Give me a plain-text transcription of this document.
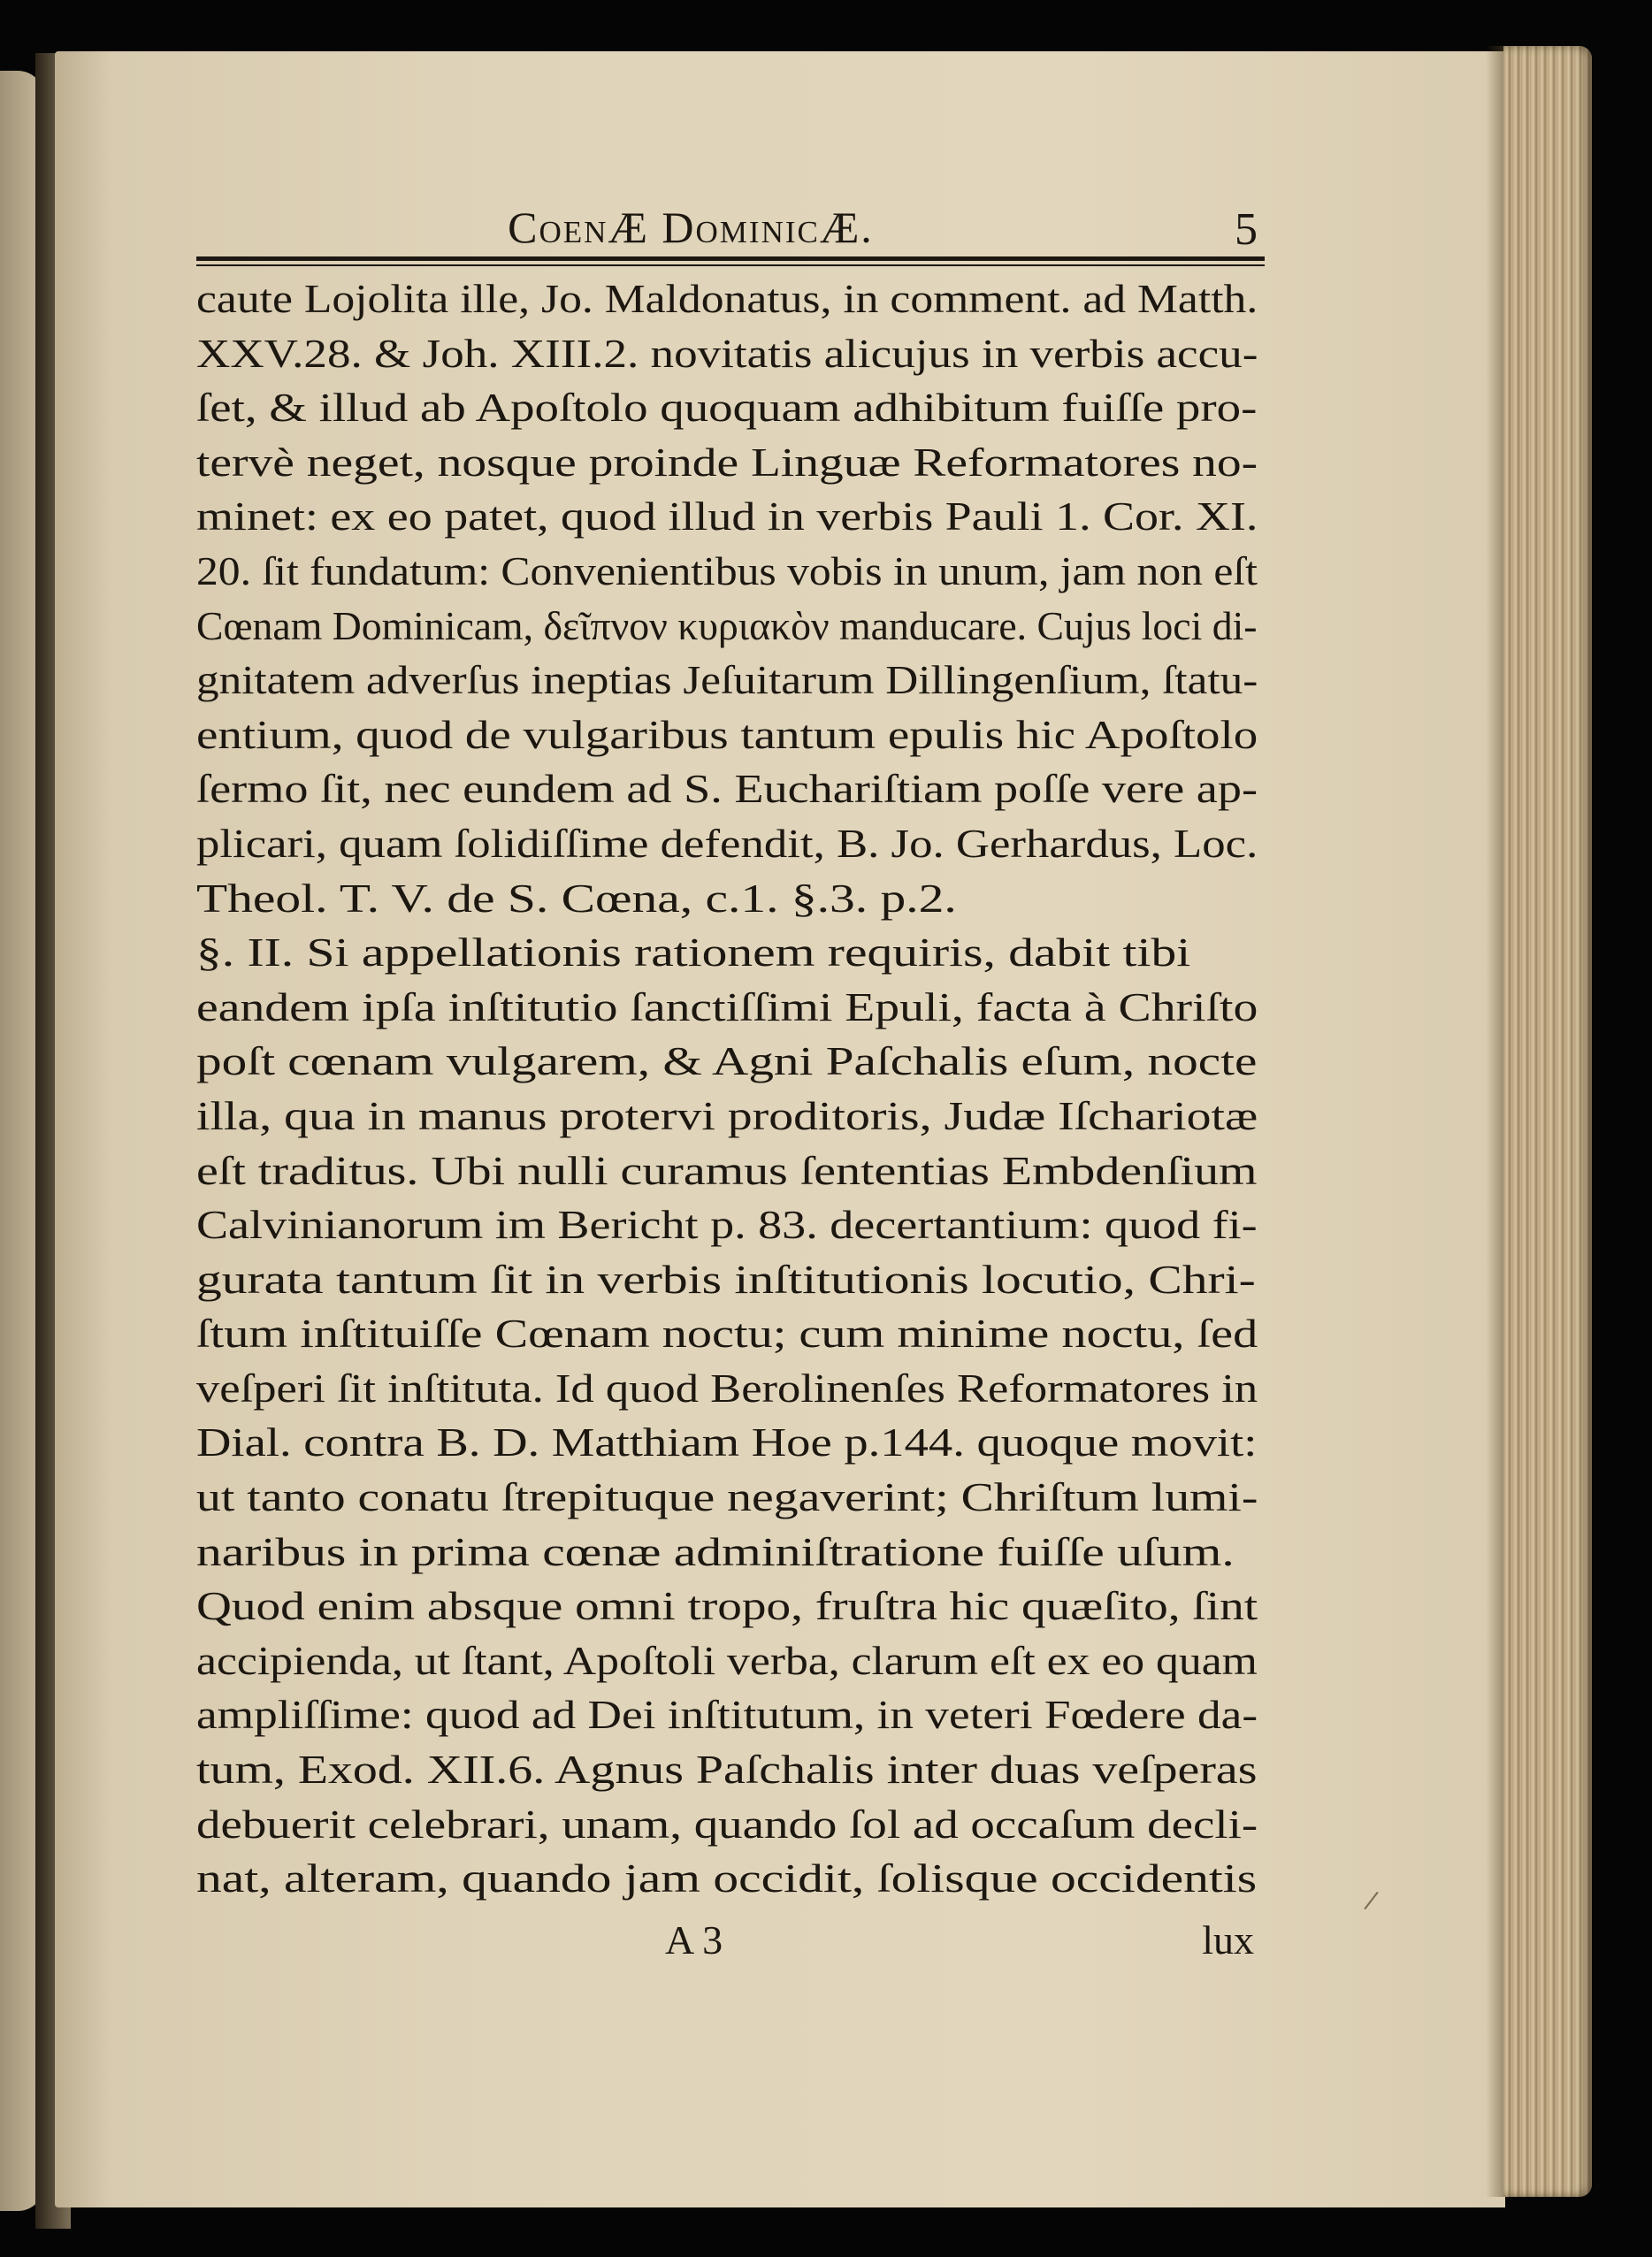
CoenÆ DominicÆ.	5
caute Lojolita ille, Jo. Maldonatus, in comment. ad Matth.
XXV.28. & Joh. XIII.2. novitatis alicujus in verbis accu-
ſet, & illud ab Apoſtolo quoquam adhibitum fuiſſe pro-
tervè neget, nosque proinde Linguæ Reformatores no-
minet: ex eo patet, quod illud in verbis Pauli 1. Cor. XI.
20. ſit fundatum: Convenientibus vobis in unum, jam non eſt
Cœnam Dominicam, δεῖπνον κυριακὸν manducare. Cujus loci di-
gnitatem adverſus ineptias Jeſuitarum Dillingenſium, ſtatu-
entium, quod de vulgaribus tantum epulis hic Apoſtolo
ſermo ſit, nec eundem ad S. Euchariſtiam poſſe vere ap-
plicari, quam ſolidiſſime defendit, B. Jo. Gerhardus, Loc.
Theol. T. V. de S. Cœna, c.1. §.3. p.2.
§. II. Si appellationis rationem requiris, dabit tibi
eandem ipſa inſtitutio ſanctiſſimi Epuli, facta à Chriſto
poſt cœnam vulgarem, & Agni Paſchalis eſum, nocte
illa, qua in manus protervi proditoris, Judæ Iſchariotæ
eſt traditus. Ubi nulli curamus ſententias Embdenſium
Calvinianorum im Bericht p. 83. decertantium: quod fi-
gurata tantum ſit in verbis inſtitutionis locutio, Chri-
ſtum inſtituiſſe Cœnam noctu; cum minime noctu, ſed
veſperi ſit inſtituta. Id quod Berolinenſes Reformatores in
Dial. contra B. D. Matthiam Hoe p.144. quoque movit:
ut tanto conatu ſtrepituque negaverint; Chriſtum lumi-
naribus in prima cœnæ adminiſtratione fuiſſe uſum.
Quod enim absque omni tropo, fruſtra hic quæſito, ſint
accipienda, ut ſtant, Apoſtoli verba, clarum eſt ex eo quam
ampliſſime: quod ad Dei inſtitutum, in veteri Fœdere da-
tum, Exod. XII.6. Agnus Paſchalis inter duas veſperas
debuerit celebrari, unam, quando ſol ad occaſum decli-
nat, alteram, quando jam occidit, ſolisque occidentis
A 3	lux
/
